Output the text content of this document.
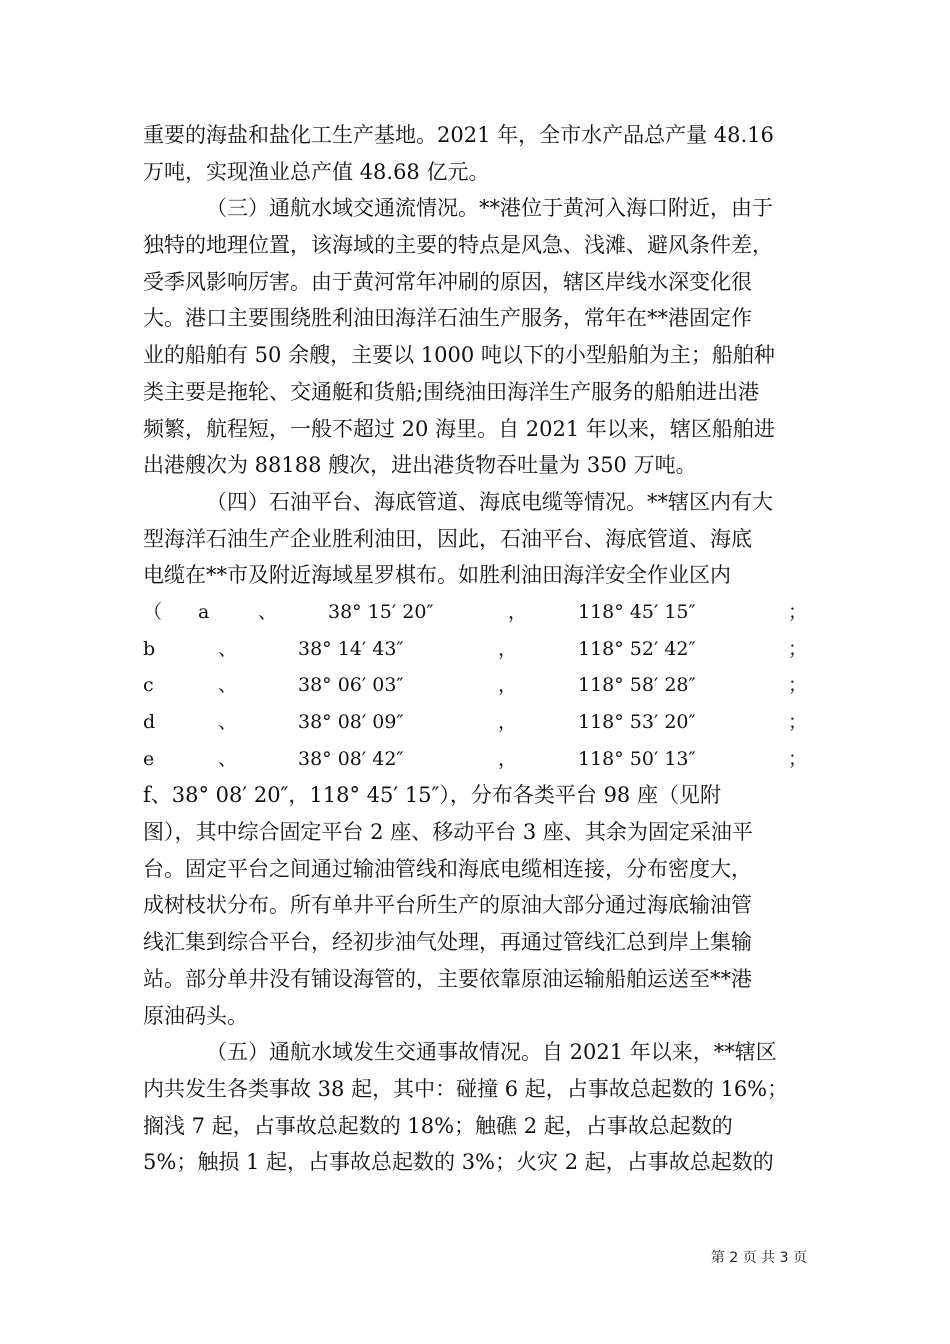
重要的海盐和盐化工生产基地。2021 年，全市水产品总产量 48.16
万吨，实现渔业总产值 48.68 亿元。
（三）通航水域交通流情况。**港位于黄河入海口附近，由于
独特的地理位置，该海域的主要的特点是风急、浅滩、避风条件差，
受季风影响厉害。由于黄河常年冲刷的原因，辖区岸线水深变化很
大。港口主要围绕胜利油田海洋石油生产服务，常年在**港固定作
业的船舶有 50 余艘，主要以 1000 吨以下的小型船舶为主；船舶种
类主要是拖轮、交通艇和货船;围绕油田海洋生产服务的船舶进出港
频繁，航程短，一般不超过 20 海里。自 2021 年以来，辖区船舶进
出港艘次为 88188 艘次，进出港货物吞吐量为 350 万吨。
（四）石油平台、海底管道、海底电缆等情况。**辖区内有大
型海洋石油生产企业胜利油田，因此，石油平台、海底管道、海底
电缆在**市及附近海域星罗棋布。如胜利油田海洋安全作业区内
（	a	、	38° 15′ 20″	，	118° 45′ 15″	；
b	、	38° 14′ 43″	，	118° 52′ 42″	；
c	、	38° 06′ 03″	，	118° 58′ 28″	；
d	、	38° 08′ 09″	，	118° 53′ 20″	；
e	、	38° 08′ 42″	，	118° 50′ 13″	；
f、38° 08′ 20″，118° 45′ 15″），分布各类平台 98 座（见附
图），其中综合固定平台 2 座、移动平台 3 座、其余为固定采油平
台。固定平台之间通过输油管线和海底电缆相连接，分布密度大，
成树枝状分布。所有单井平台所生产的原油大部分通过海底输油管
线汇集到综合平台，经初步油气处理，再通过管线汇总到岸上集输
站。部分单井没有铺设海管的，主要依靠原油运输船舶运送至**港
原油码头。
（五）通航水域发生交通事故情况。自 2021 年以来，**辖区
内共发生各类事故 38 起，其中：碰撞 6 起，占事故总起数的 16%；
搁浅 7 起，占事故总起数的 18%；触礁 2 起，占事故总起数的
5%；触损 1 起，占事故总起数的 3%；火灾 2 起，占事故总起数的
第 2 页 共 3 页
